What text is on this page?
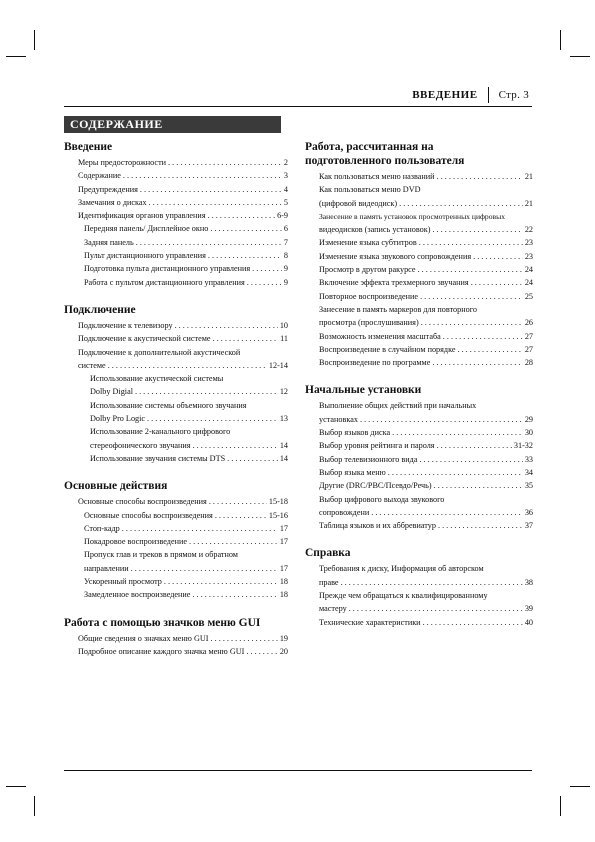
ВВЕДЕНИЕ Стр. 3
СОДЕРЖАНИЕ
Введение
Меры предосторожности . . .	2
Содержание . . .	3
Предупреждения . . .	4
Замечания о дисках . . .	5
Идентификация органов управления . . .	6-9
Передняя панель/ Дисплейное окно . . .	6
Задняя панель . . .	7
Пульт дистанционного управления . . .	8
Подготовка пульта дистанционного управления . . .	9
Работа с пультом дистанционного управления . . .	9
Подключение
Подключение к телевизору . . .	10
Подключение к акустической системе . . .	11
Подключение к дополнительной акустической
системе . . .	12-14
Использование акустической системы
Dolby Digial . . .	12
Использование системы объемного звучания
Dolby Pro Logic . . .	13
Использование 2-канального цифрового
стереофонического звучания . . .	14
Использование звучания системы DTS . . .	14
Основные действия
Основные способы воспроизведения . . .	15-18
Основные способы воспроизведения . . .	15-16
Стоп-кадр . . .	17
Покадровое воспроизведение . . .	17
Пропуск глав и треков в прямом и обратном
направлении . . .	17
Ускоренный просмотр . . .	18
Замедленное воспроизведение . . .	18
Работа с помощью значков меню GUI
Общие сведения о значках меню GUI . . .	19
Подробное описание каждого значка меню GUI . . .	20
Работа, рассчитанная на
подготовленного пользователя
Как пользоваться меню названий . . .	21
Как пользоваться меню DVD
(цифровой видеодиск) . . .	21
Занесение в память установок просмотренных цифровых
видеодисков (запись установок) . . .	22
Изменение языка субтитров . . .	23
Изменение языка звукового сопровождения . . .	23
Просмотр в другом ракурсе . . .	24
Включение эффекта трехмерного звучания . . .	24
Повторное воспроизведение . . .	25
Занесение в память маркеров для повторного
просмотра (прослушивания) . . .	26
Возможность изменения масштаба . . .	27
Воспроизведение в случайном порядке . . .	27
Воспроизведение по программе . . .	28
Начальные установки
Выполнение общих действий при начальных
установках . . .	29
Выбор языков диска . . .	30
Выбор уровня рейтинга и пароля . . .	31-32
Выбор телевизионного вида . . .	33
Выбор языка меню . . .	34
Другие (DRC/PBC/Псевдо/Речь) . . .	35
Выбор цифрового выхода звукового
сопровождени . . .	36
Таблица языков и их аббревиатур . . .	37
Справка
Требования к диску, Информация об авторском
праве . . .	38
Прежде чем обращаться к квалифицированному
мастеру . . .	39
Технические характеристики . . .	40
